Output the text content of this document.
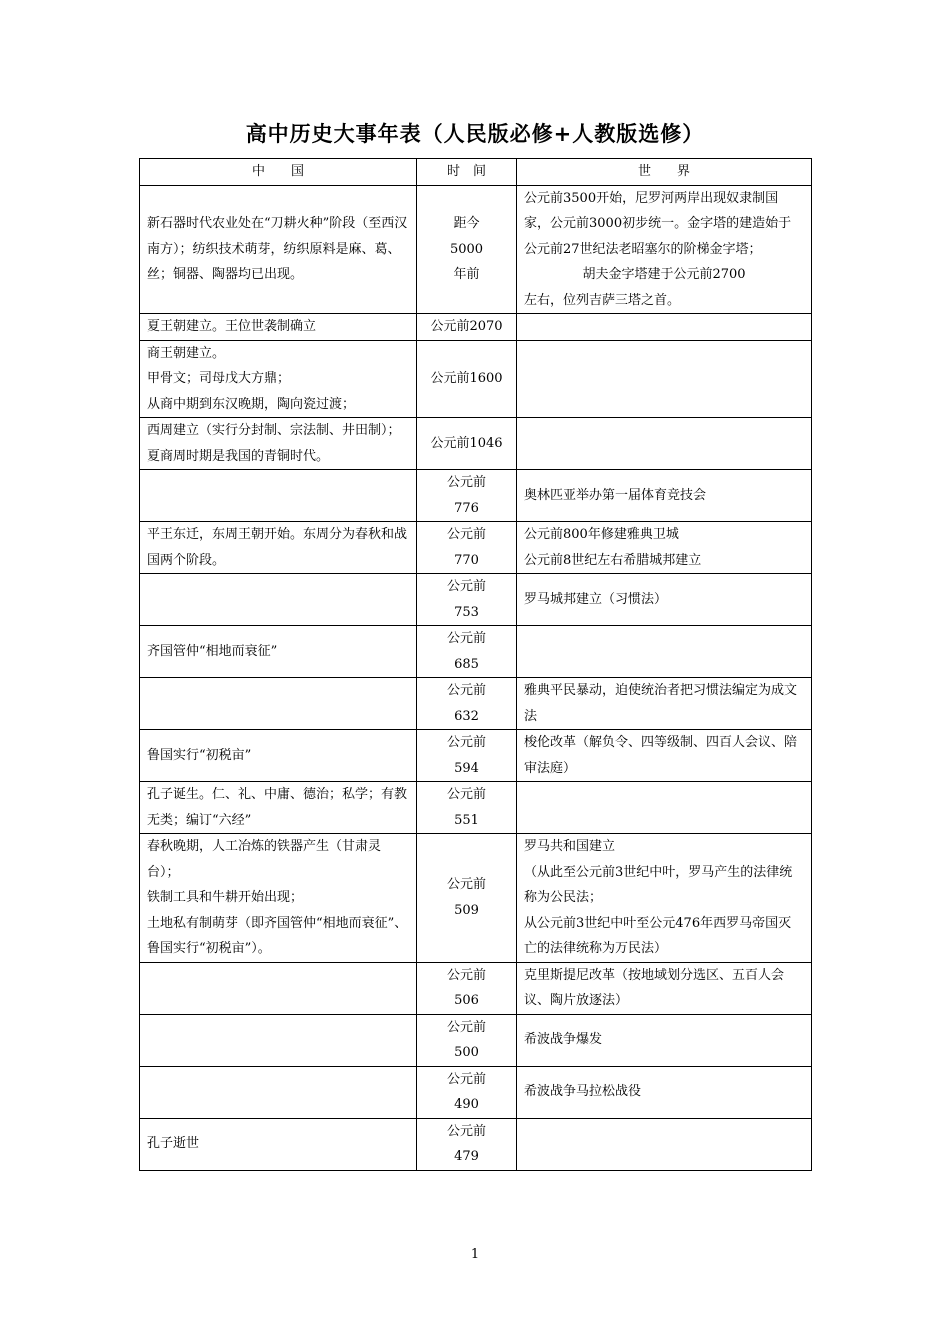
高中历史大事年表（人民版必修+人教版选修）
中　　国	时　间	世　　界

新石器时代农业处在“刀耕火种”阶段（至西汉南方）；纺织技术萌芽，纺织原料是麻、葛、丝；铜器、陶器均已出现。	距今
5000
年前	公元前3500开始，尼罗河两岸出现奴隶制国家，公元前3000初步统一。金字塔的建造始于公元前27世纪法老昭塞尔的阶梯金字塔；
胡夫金字塔建于公元前2700
左右，位列吉萨三塔之首。

夏王朝建立。王位世袭制确立	公元前2070	

商王朝建立。
甲骨文；司母戊大方鼎；
从商中期到东汉晚期，陶向瓷过渡；	公元前1600	

西周建立（实行分封制、宗法制、井田制）；
夏商周时期是我国的青铜时代。	公元前1046	

	公元前
776	奥林匹亚举办第一届体育竞技会

平王东迁，东周王朝开始。东周分为春秋和战国两个阶段。	公元前
770	公元前800年修建雅典卫城
公元前8世纪左右希腊城邦建立

	公元前
753	罗马城邦建立（习惯法）

齐国管仲“相地而衰征”	公元前
685	

	公元前
632	雅典平民暴动，迫使统治者把习惯法编定为成文法

鲁国实行“初税亩”	公元前
594	梭伦改革（解负令、四等级制、四百人会议、陪审法庭）

孔子诞生。仁、礼、中庸、德治；私学；有教无类；编订“六经”	公元前
551	

春秋晚期，人工冶炼的铁器产生（甘肃灵台）；
铁制工具和牛耕开始出现；
土地私有制萌芽（即齐国管仲“相地而衰征”、鲁国实行“初税亩”）。	公元前
509	罗马共和国建立
（从此至公元前3世纪中叶，罗马产生的法律统称为公民法；
从公元前3世纪中叶至公元476年西罗马帝国灭亡的法律统称为万民法）

	公元前
506	克里斯提尼改革（按地域划分选区、五百人会议、陶片放逐法）

	公元前
500	希波战争爆发

	公元前
490	希波战争马拉松战役

孔子逝世	公元前
479	

1
